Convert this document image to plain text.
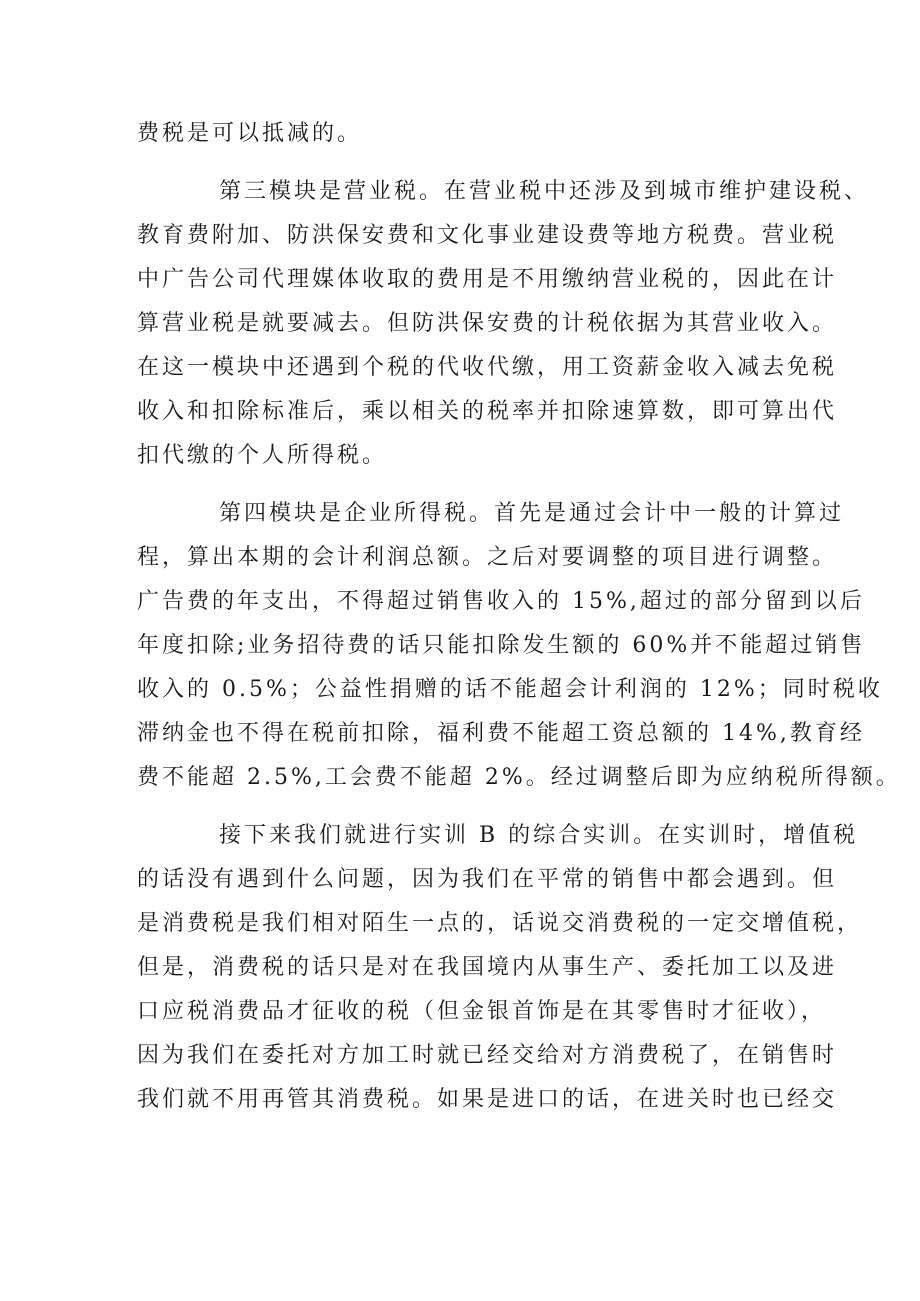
费税是可以抵减的。
第三模块是营业税。在营业税中还涉及到城市维护建设税、
教育费附加、防洪保安费和文化事业建设费等地方税费。营业税
中广告公司代理媒体收取的费用是不用缴纳营业税的，因此在计
算营业税是就要减去。但防洪保安费的计税依据为其营业收入。
在这一模块中还遇到个税的代收代缴，用工资薪金收入减去免税
收入和扣除标准后，乘以相关的税率并扣除速算数，即可算出代
扣代缴的个人所得税。
第四模块是企业所得税。首先是通过会计中一般的计算过
程，算出本期的会计利润总额。之后对要调整的项目进行调整。
广告费的年支出，不得超过销售收入的 15%,超过的部分留到以后
年度扣除;业务招待费的话只能扣除发生额的 60%并不能超过销售
收入的 0.5%；公益性捐赠的话不能超会计利润的 12%；同时税收
滞纳金也不得在税前扣除，福利费不能超工资总额的 14%,教育经
费不能超 2.5%,工会费不能超 2%。经过调整后即为应纳税所得额。
接下来我们就进行实训 B 的综合实训。在实训时，增值税
的话没有遇到什么问题，因为我们在平常的销售中都会遇到。但
是消费税是我们相对陌生一点的，话说交消费税的一定交增值税，
但是，消费税的话只是对在我国境内从事生产、委托加工以及进
口应税消费品才征收的税（但金银首饰是在其零售时才征收），
因为我们在委托对方加工时就已经交给对方消费税了，在销售时
我们就不用再管其消费税。如果是进口的话，在进关时也已经交
